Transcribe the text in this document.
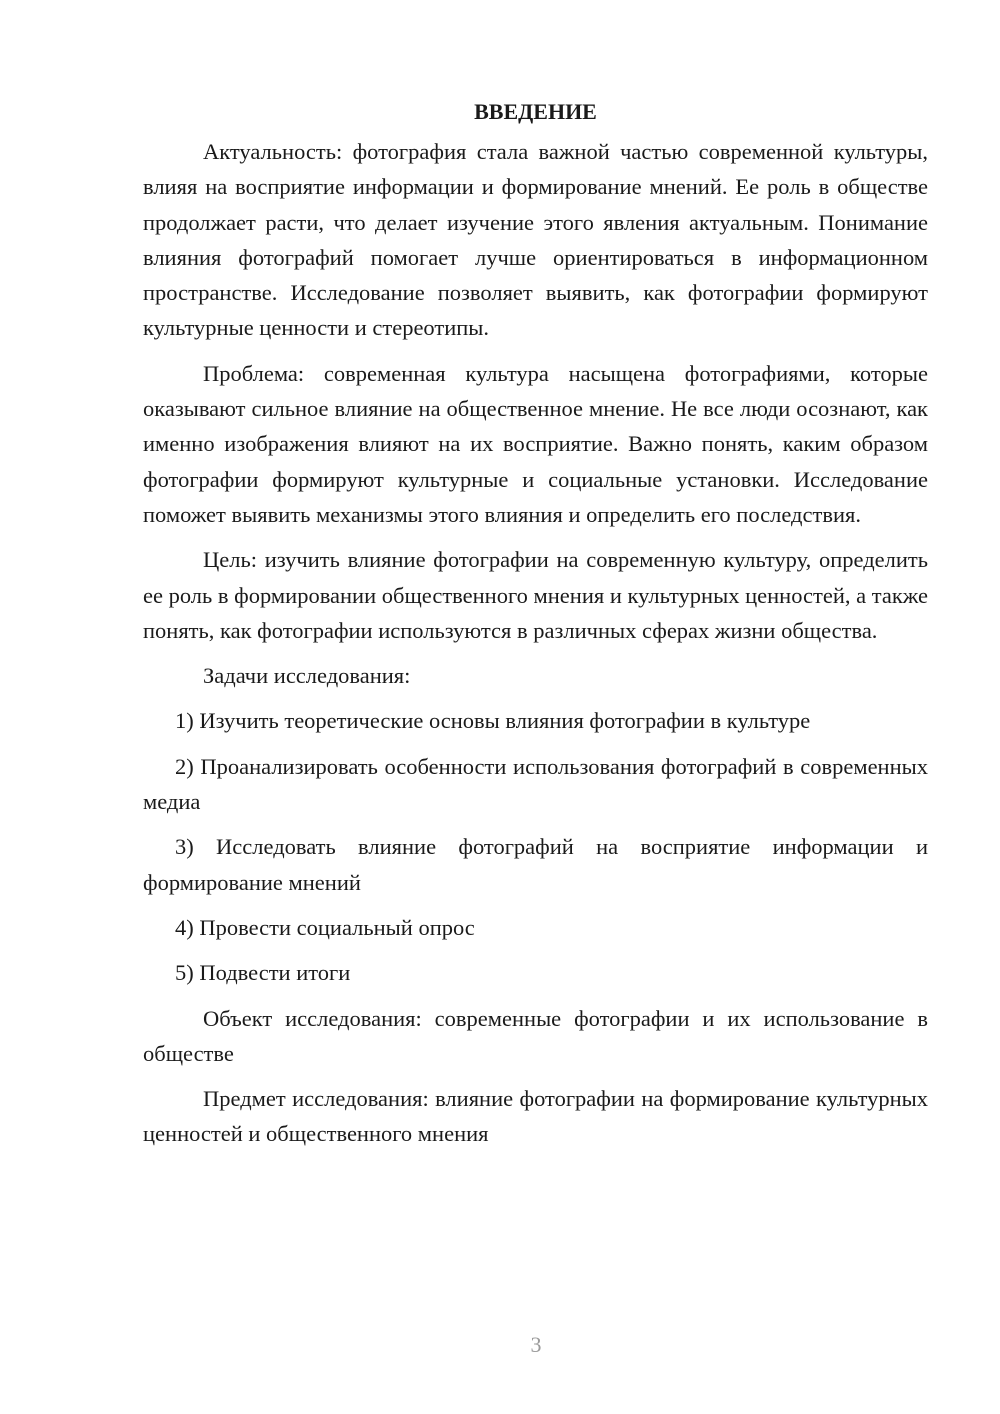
ВВЕДЕНИЕ

Актуальность: фотография стала важной частью современной культуры, влияя на восприятие информации и формирование мнений. Ее роль в обществе продолжает расти, что делает изучение этого явления актуальным. Понимание влияния фотографий помогает лучше ориентироваться в информационном пространстве. Исследование позволяет выявить, как фотографии формируют культурные ценности и стереотипы.

Проблема: современная культура насыщена фотографиями, которые оказывают сильное влияние на общественное мнение. Не все люди осознают, как именно изображения влияют на их восприятие. Важно понять, каким образом фотографии формируют культурные и социальные установки. Исследование поможет выявить механизмы этого влияния и определить его последствия.

Цель: изучить влияние фотографии на современную культуру, определить ее роль в формировании общественного мнения и культурных ценностей, а также понять, как фотографии используются в различных сферах жизни общества.

Задачи исследования:

1) Изучить теоретические основы влияния фотографии в культуре

2) Проанализировать особенности использования фотографий в современных медиа

3) Исследовать влияние фотографий на восприятие информации и формирование мнений

4) Провести социальный опрос

5) Подвести итоги

Объект исследования: современные фотографии и их использование в обществе

Предмет исследования: влияние фотографии на формирование культурных ценностей и общественного мнения

3
